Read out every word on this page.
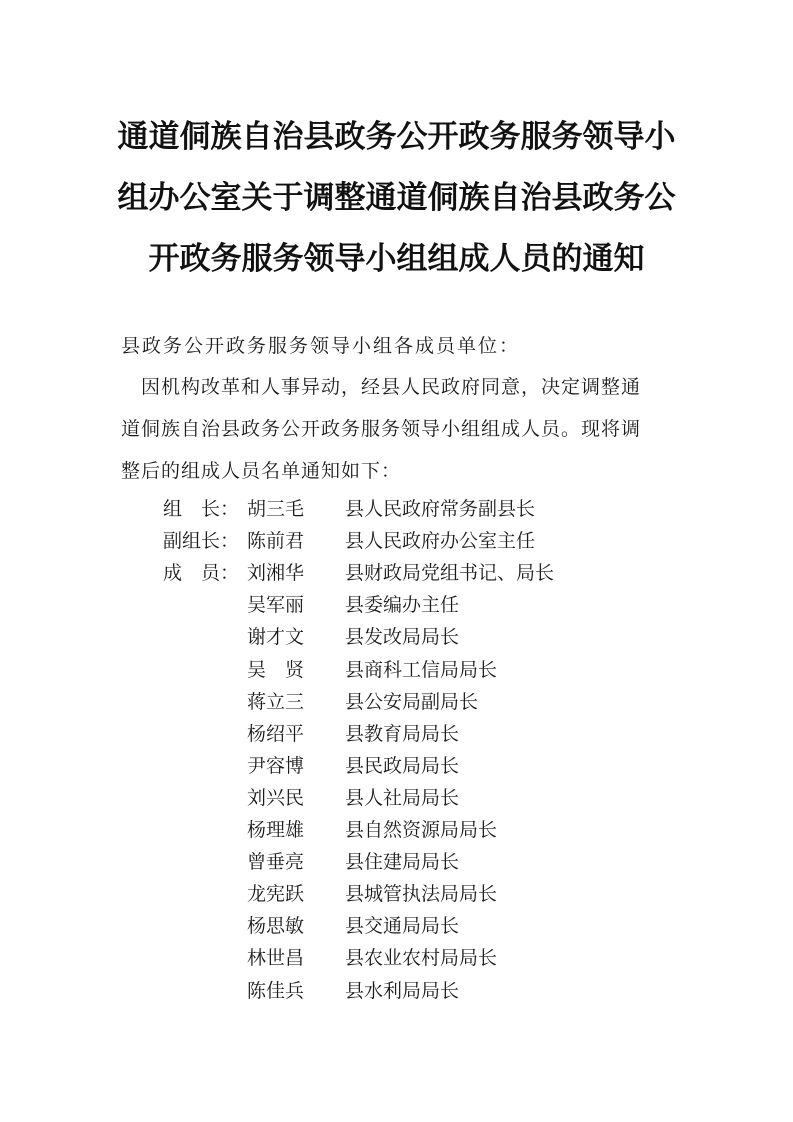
通道侗族自治县政务公开政务服务领导小
组办公室关于调整通道侗族自治县政务公
开政务服务领导小组组成人员的通知
县政务公开政务服务领导小组各成员单位：
　因机构改革和人事异动，经县人民政府同意，决定调整通
道侗族自治县政务公开政务服务领导小组组成人员。现将调
整后的组成人员名单通知如下：
组　长： 胡三毛 县人民政府常务副县长
副组长： 陈前君 县人民政府办公室主任
成　员： 刘湘华 县财政局党组书记、局长
吴军丽 县委编办主任
谢才文 县发改局局长
吴　贤 县商科工信局局长
蒋立三 县公安局副局长
杨绍平 县教育局局长
尹容博 县民政局局长
刘兴民 县人社局局长
杨理雄 县自然资源局局长
曾垂亮 县住建局局长
龙宪跃 县城管执法局局长
杨思敏 县交通局局长
林世昌 县农业农村局局长
陈佳兵 县水利局局长
